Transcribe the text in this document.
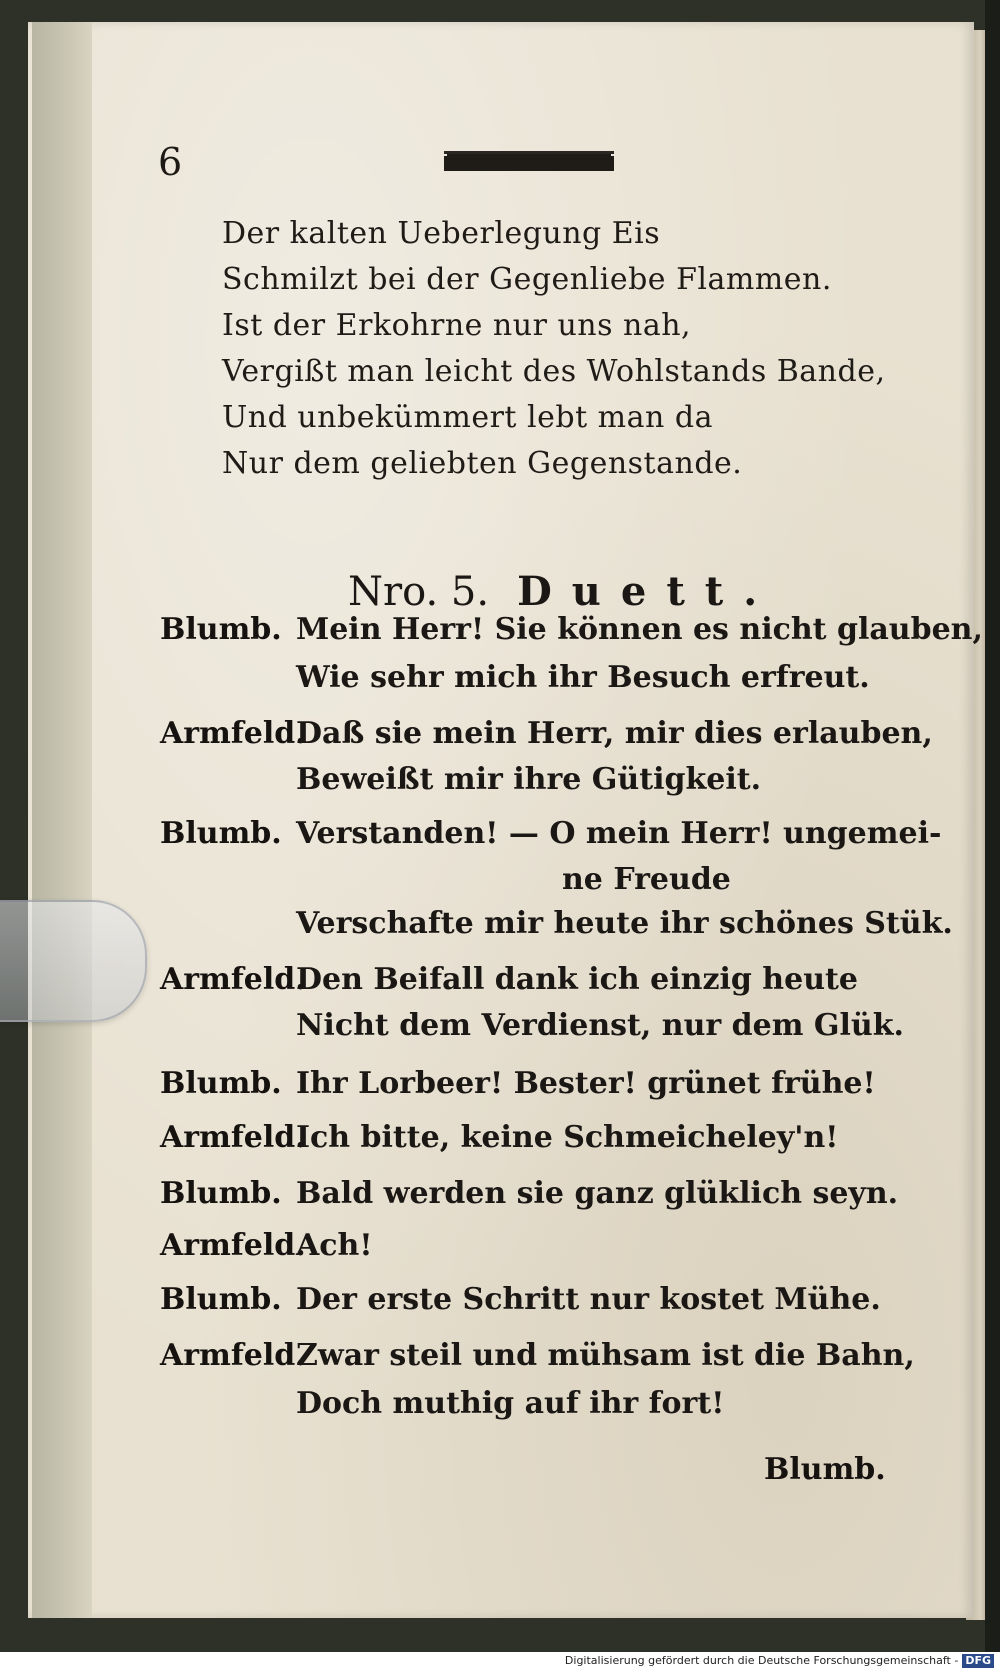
6
Der kalten Ueberlegung Eis
Schmilzt bei der Gegenliebe Flammen.
Ist der Erkohrne nur uns nah,
Vergißt man leicht des Wohlstands Bande,
Und unbekümmert lebt man da
Nur dem geliebten Gegenstande.
Nro. 5. Duett.
Blumb. Mein Herr! Sie können es nicht glauben,
Wie sehr mich ihr Besuch erfreut.
Armfeld.
Daß sie mein Herr, mir dies erlauben,
Beweißt mir ihre Gütigkeit.
Blumb. Verstanden! — O mein Herr! ungemei-
ne Freude
Verschafte mir heute ihr schönes Stük.
Armfeld.
Den Beifall dank ich einzig heute
Nicht dem Verdienst, nur dem Glük.
Blumb. Ihr Lorbeer! Bester! grünet frühe!
Armfeld.
Ich bitte, keine Schmeicheley'n!
Blumb. Bald werden sie ganz glüklich seyn.
Armfeld.
Ach!
Blumb. Der erste Schritt nur kostet Mühe.
Armfeld.
Zwar steil und mühsam ist die Bahn,
Doch muthig auf ihr fort!
Blumb.
Digitalisierung gefördert durch die Deutsche Forschungsgemeinschaft - DFG
